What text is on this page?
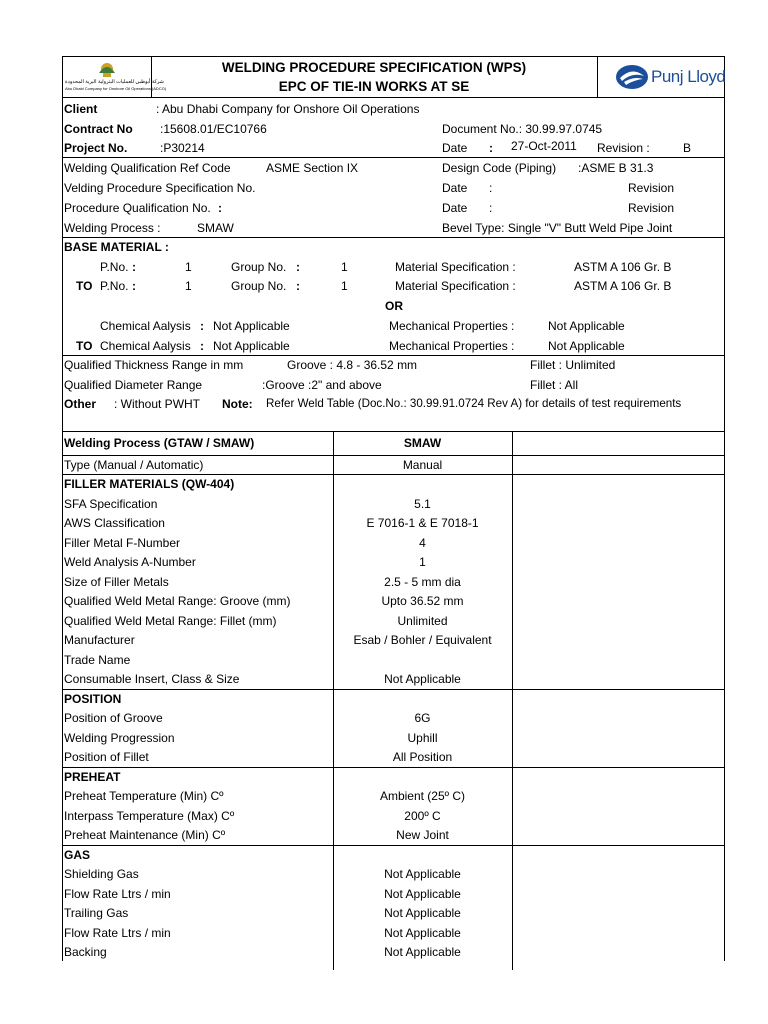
شركة أبوظبي للعمليات البترولية البرية المحدودة
Abu Dhabi Company for Onshore Oil Operations (ADCO)
WELDING PROCEDURE SPECIFICATION (WPS)
EPC OF TIE-IN WORKS AT SE
Punj Lloyd
Client	: Abu Dhabi Company for Onshore Oil Operations
Contract No :15608.01/EC10766	Document No.: 30.99.97.0745
Project No.	:P30214	Date : 27-Oct-2011 Revision :	B
Welding Qualification Ref Code	ASME Section IX	Design Code (Piping) :ASME B 31.3
Velding Procedure Specification No.	Date :	Revision
Procedure Qualification No. :	Date :	Revision
Welding Process :	SMAW	Bevel Type: Single "V" Butt Weld Pipe Joint
BASE MATERIAL :
P.No. :	1	Group No. :	1	Material Specification :	ASTM A 106 Gr. B
TO P.No. :	1	Group No. :	1	Material Specification :	ASTM A 106 Gr. B
OR
Chemical Aalysis : Not Applicable	Mechanical Properties :	Not Applicable
TO Chemical Aalysis : Not Applicable	Mechanical Properties :	Not Applicable
Qualified Thickness Range in mm	Groove : 4.8 - 36.52 mm	Fillet : Unlimited
Qualified Diameter Range	:Groove :2" and above	Fillet : All
Other : Without PWHT Note: Refer Weld Table (Doc.No.: 30.99.91.0724 Rev A) for details of test requirements
Welding Process (GTAW / SMAW)	SMAW
Type (Manual / Automatic)	Manual
FILLER MATERIALS (QW-404)
SFA Specification	5.1
AWS Classification	E 7016-1 & E 7018-1
Filler Metal F-Number	4
Weld Analysis A-Number	1
Size of Filler Metals	2.5 - 5 mm dia
Qualified Weld Metal Range: Groove (mm)	Upto 36.52 mm
Qualified Weld Metal Range: Fillet (mm)	Unlimited
Manufacturer	Esab / Bohler / Equivalent
Trade Name
Consumable Insert, Class & Size	Not Applicable
POSITION
Position of Groove	6G
Welding Progression	Uphill
Position of Fillet	All Position
PREHEAT
Preheat Temperature (Min) Cº	Ambient (25º C)
Interpass Temperature (Max) Cº	200º C
Preheat Maintenance (Min) Cº	New Joint
GAS
Shielding Gas	Not Applicable
Flow Rate Ltrs / min	Not Applicable
Trailing Gas	Not Applicable
Flow Rate Ltrs / min	Not Applicable
Backing	Not Applicable
